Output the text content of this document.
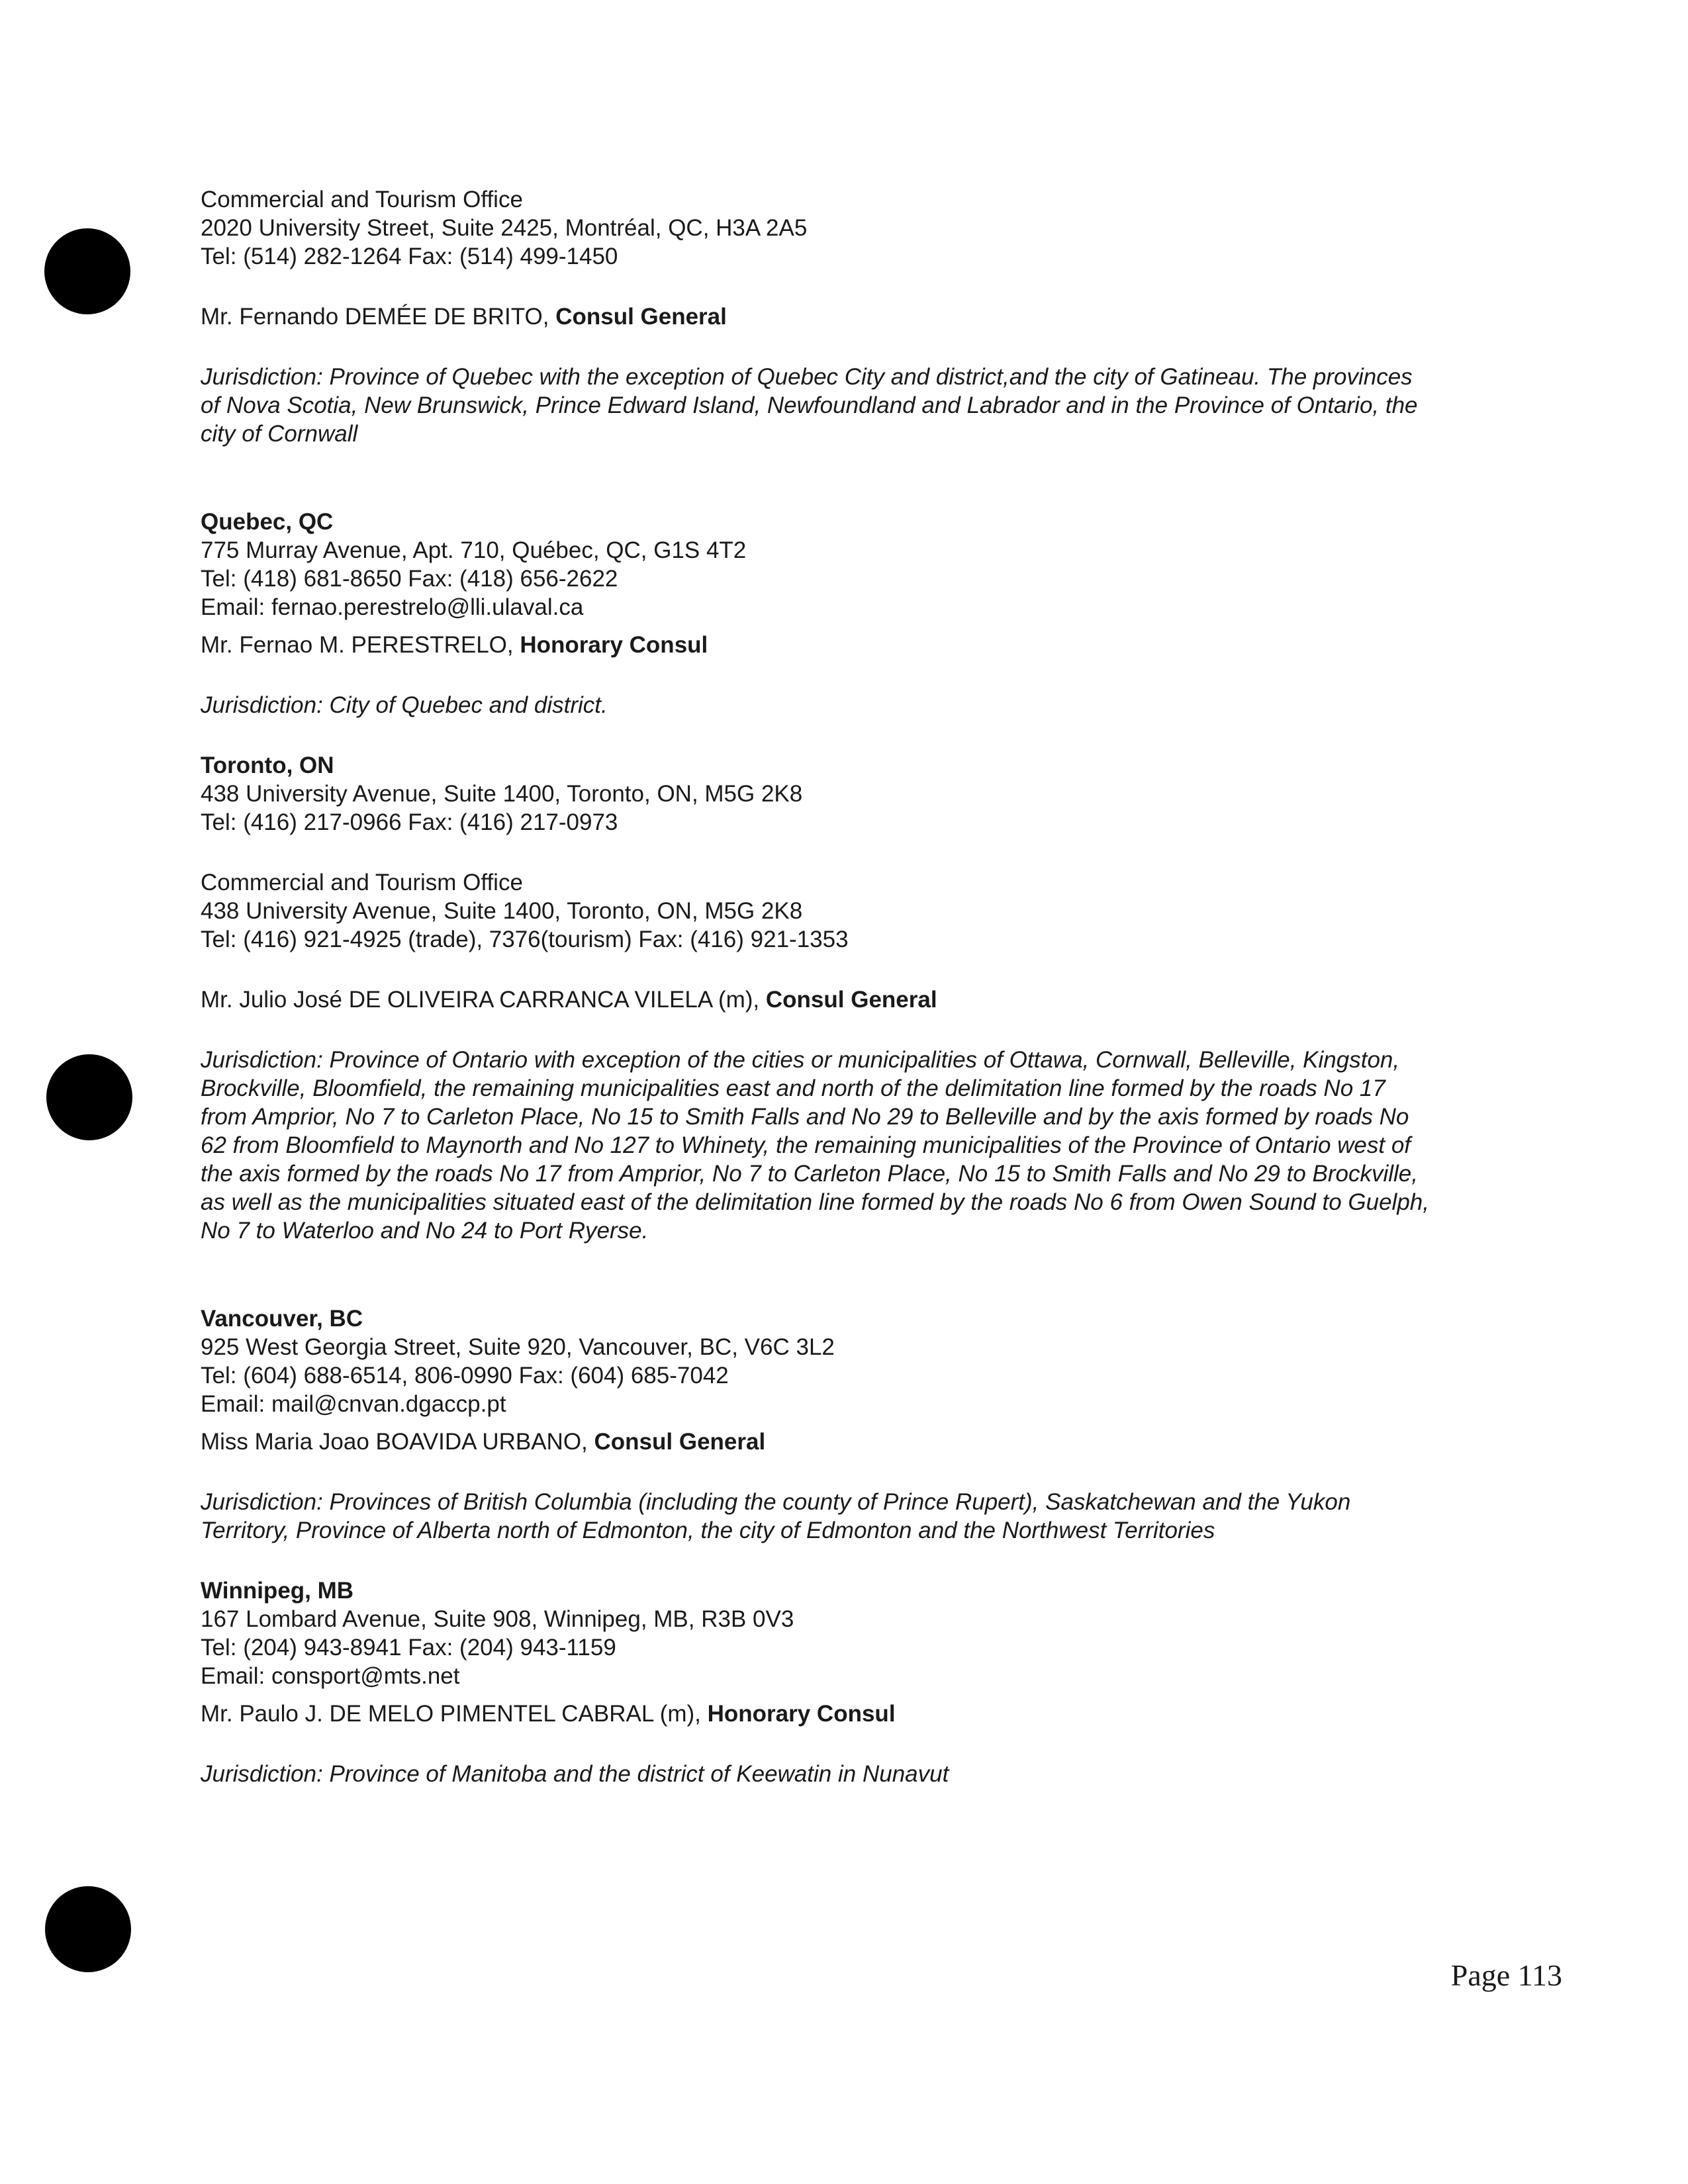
Commercial and Tourism Office
2020 University Street, Suite 2425, Montréal, QC, H3A 2A5
Tel: (514) 282-1264 Fax: (514) 499-1450
Mr. Fernando DEMÉE DE BRITO, Consul General
Jurisdiction: Province of Quebec with the exception of Quebec City and district,and the city of Gatineau. The provinces
of Nova Scotia, New Brunswick, Prince Edward Island, Newfoundland and Labrador and in the Province of Ontario, the
city of Cornwall
Quebec, QC
775 Murray Avenue, Apt. 710, Québec, QC, G1S 4T2
Tel: (418) 681-8650 Fax: (418) 656-2622
Email: fernao.perestrelo@lli.ulaval.ca
Mr. Fernao M. PERESTRELO, Honorary Consul
Jurisdiction: City of Quebec and district.
Toronto, ON
438 University Avenue, Suite 1400, Toronto, ON, M5G 2K8
Tel: (416) 217-0966 Fax: (416) 217-0973
Commercial and Tourism Office
438 University Avenue, Suite 1400, Toronto, ON, M5G 2K8
Tel: (416) 921-4925 (trade), 7376(tourism) Fax: (416) 921-1353
Mr. Julio José DE OLIVEIRA CARRANCA VILELA (m), Consul General
Jurisdiction: Province of Ontario with exception of the cities or municipalities of Ottawa, Cornwall, Belleville, Kingston,
Brockville, Bloomfield, the remaining municipalities east and north of the delimitation line formed by the roads No 17
from Amprior, No 7 to Carleton Place, No 15 to Smith Falls and No 29 to Belleville and by the axis formed by roads No
62 from Bloomfield to Maynorth and No 127 to Whinety, the remaining municipalities of the Province of Ontario west of
the axis formed by the roads No 17 from Amprior, No 7 to Carleton Place, No 15 to Smith Falls and No 29 to Brockville,
as well as the municipalities situated east of the delimitation line formed by the roads No 6 from Owen Sound to Guelph,
No 7 to Waterloo and No 24 to Port Ryerse.
Vancouver, BC
925 West Georgia Street, Suite 920, Vancouver, BC, V6C 3L2
Tel: (604) 688-6514, 806-0990 Fax: (604) 685-7042
Email: mail@cnvan.dgaccp.pt
Miss Maria Joao BOAVIDA URBANO, Consul General
Jurisdiction: Provinces of British Columbia (including the county of Prince Rupert), Saskatchewan and the Yukon
Territory, Province of Alberta north of Edmonton, the city of Edmonton and the Northwest Territories
Winnipeg, MB
167 Lombard Avenue, Suite 908, Winnipeg, MB, R3B 0V3
Tel: (204) 943-8941 Fax: (204) 943-1159
Email: consport@mts.net
Mr. Paulo J. DE MELO PIMENTEL CABRAL (m), Honorary Consul
Jurisdiction: Province of Manitoba and the district of Keewatin in Nunavut
Page 113
